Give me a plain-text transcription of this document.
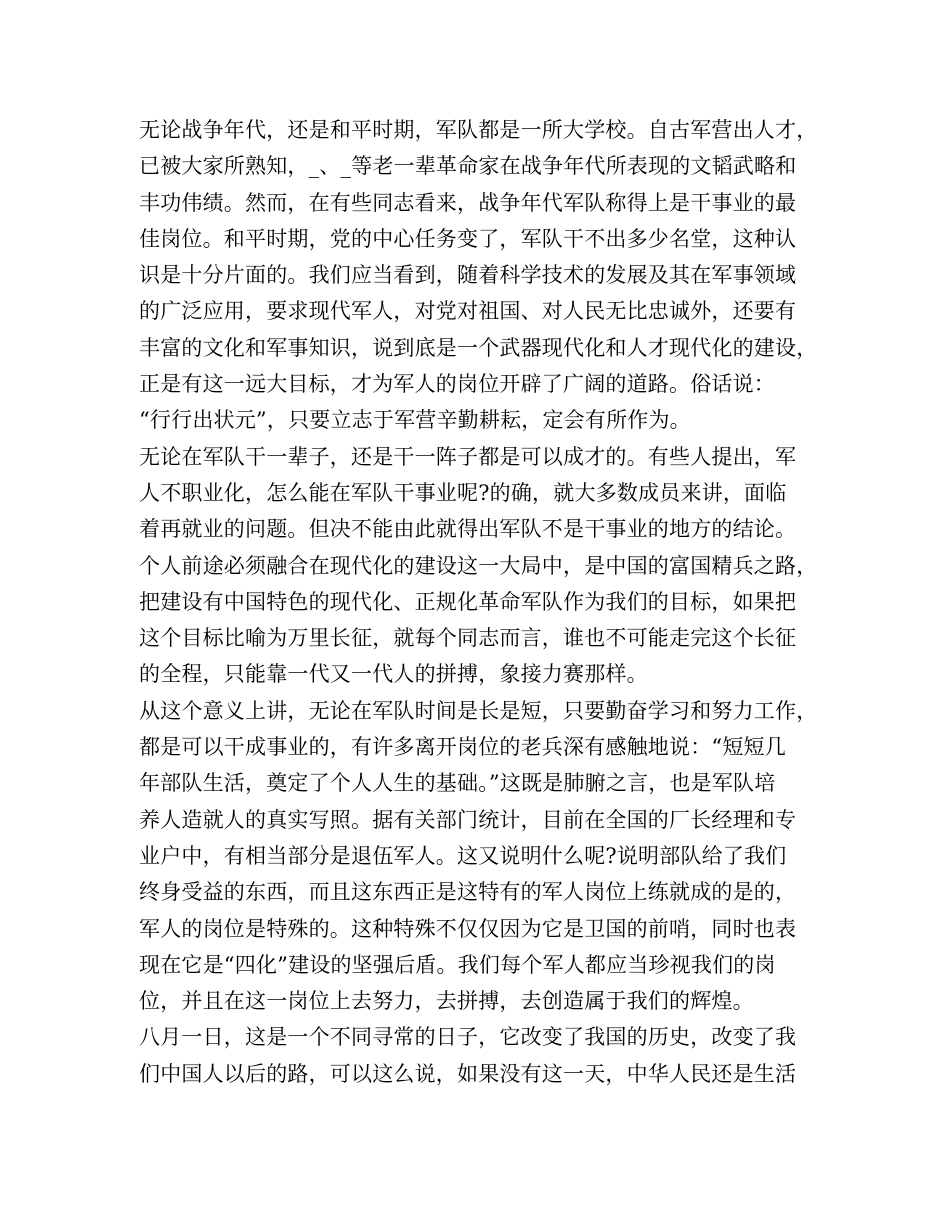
无论战争年代，还是和平时期，军队都是一所大学校。自古军营出人才，
已被大家所熟知，_、_等老一辈革命家在战争年代所表现的文韬武略和
丰功伟绩。然而，在有些同志看来，战争年代军队称得上是干事业的最
佳岗位。和平时期，党的中心任务变了，军队干不出多少名堂，这种认
识是十分片面的。我们应当看到，随着科学技术的发展及其在军事领域
的广泛应用，要求现代军人，对党对祖国、对人民无比忠诚外，还要有
丰富的文化和军事知识，说到底是一个武器现代化和人才现代化的建设，
正是有这一远大目标，才为军人的岗位开辟了广阔的道路。俗话说：
“行行出状元”，只要立志于军营辛勤耕耘，定会有所作为。
无论在军队干一辈子，还是干一阵子都是可以成才的。有些人提出，军
人不职业化，怎么能在军队干事业呢?的确，就大多数成员来讲，面临
着再就业的问题。但决不能由此就得出军队不是干事业的地方的结论。
个人前途必须融合在现代化的建设这一大局中，是中国的富国精兵之路，
把建设有中国特色的现代化、正规化革命军队作为我们的目标，如果把
这个目标比喻为万里长征，就每个同志而言，谁也不可能走完这个长征
的全程，只能靠一代又一代人的拼搏，象接力赛那样。
从这个意义上讲，无论在军队时间是长是短，只要勤奋学习和努力工作，
都是可以干成事业的，有许多离开岗位的老兵深有感触地说：“短短几
年部队生活，奠定了个人人生的基础。”这既是肺腑之言，也是军队培
养人造就人的真实写照。据有关部门统计，目前在全国的厂长经理和专
业户中，有相当部分是退伍军人。这又说明什么呢?说明部队给了我们
终身受益的东西，而且这东西正是这特有的军人岗位上练就成的是的，
军人的岗位是特殊的。这种特殊不仅仅因为它是卫国的前哨，同时也表
现在它是“四化”建设的坚强后盾。我们每个军人都应当珍视我们的岗
位，并且在这一岗位上去努力，去拼搏，去创造属于我们的辉煌。
八月一日，这是一个不同寻常的日子，它改变了我国的历史，改变了我
们中国人以后的路，可以这么说，如果没有这一天，中华人民还是生活
